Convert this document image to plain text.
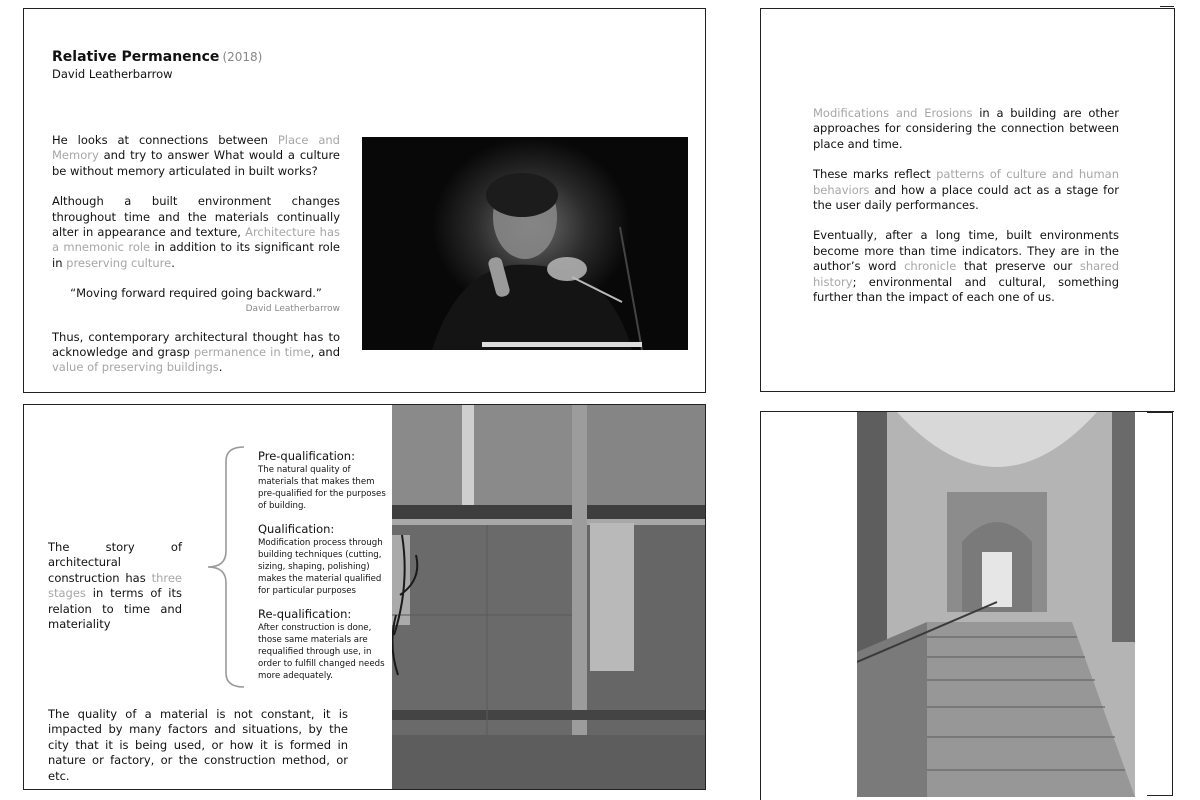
Relative Permanence (2018)
David Leatherbarrow

He looks at connections between Place and Memory and try to answer What would a culture be without memory articulated in built works?

Although a built environment changes throughout time and the materials continually alter in appearance and texture, Architecture has a mnemonic role in addition to its significant role in preserving culture.

“Moving forward required going backward.”

David Leatherbarrow

Thus, contemporary architectural thought has to acknowledge and grasp permanence in time, and value of preserving buildings.

Modifications and Erosions in a building are other approaches for considering the connection between place and time.

These marks reflect patterns of culture and human behaviors and how a place could act as a stage for the user daily performances.

Eventually, after a long time, built environments become more than time indicators. They are in the author’s word chronicle that preserve our shared history; environmental and cultural, something further than the impact of each one of us.

The story of architectural construction has three stages in terms of its relation to time and materiality

Pre-qualification:
The natural quality of materials that makes them pre-qualified for the purposes of building.
Qualification:
Modification process through building techniques (cutting, sizing, shaping, polishing) makes the material qualified for particular purposes
Re-qualification:
After construction is done, those same materials are requalified through use, in order to fulfill changed needs more adequately.

The quality of a material is not constant, it is impacted by many factors and situations, by the city that it is being used, or how it is formed in nature or factory, or the construction method, or etc.
